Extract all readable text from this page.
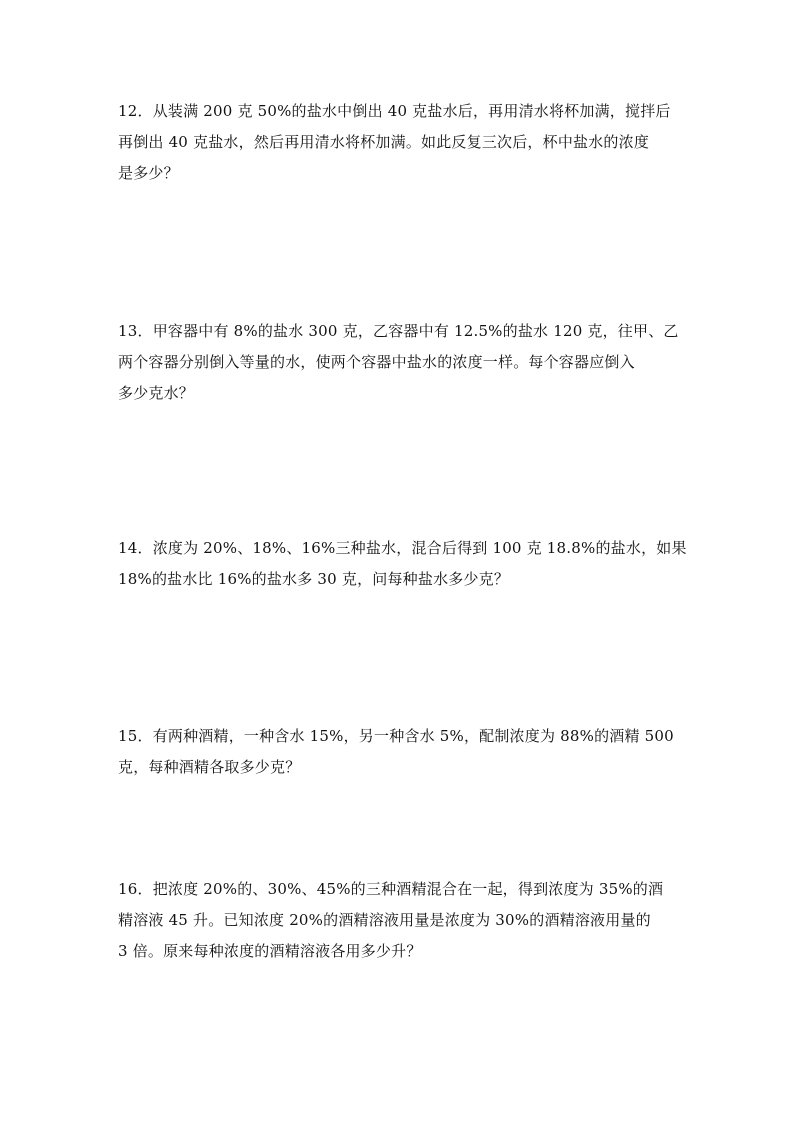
12．从装满 200 克 50%的盐水中倒出 40 克盐水后，再用清水将杯加满，搅拌后
再倒出 40 克盐水，然后再用清水将杯加满。如此反复三次后，杯中盐水的浓度
是多少？
13．甲容器中有 8%的盐水 300 克，乙容器中有 12.5%的盐水 120 克，往甲、乙
两个容器分别倒入等量的水，使两个容器中盐水的浓度一样。每个容器应倒入
多少克水？
14．浓度为 20%、18%、16%三种盐水，混合后得到 100 克 18.8%的盐水，如果
18%的盐水比 16%的盐水多 30 克，问每种盐水多少克？
15．有两种酒精，一种含水 15%，另一种含水 5%，配制浓度为 88%的酒精 500
克，每种酒精各取多少克？
16．把浓度 20%的、30%、45%的三种酒精混合在一起，得到浓度为 35%的酒
精溶液 45 升。已知浓度 20%的酒精溶液用量是浓度为 30%的酒精溶液用量的
3 倍。原来每种浓度的酒精溶液各用多少升？
